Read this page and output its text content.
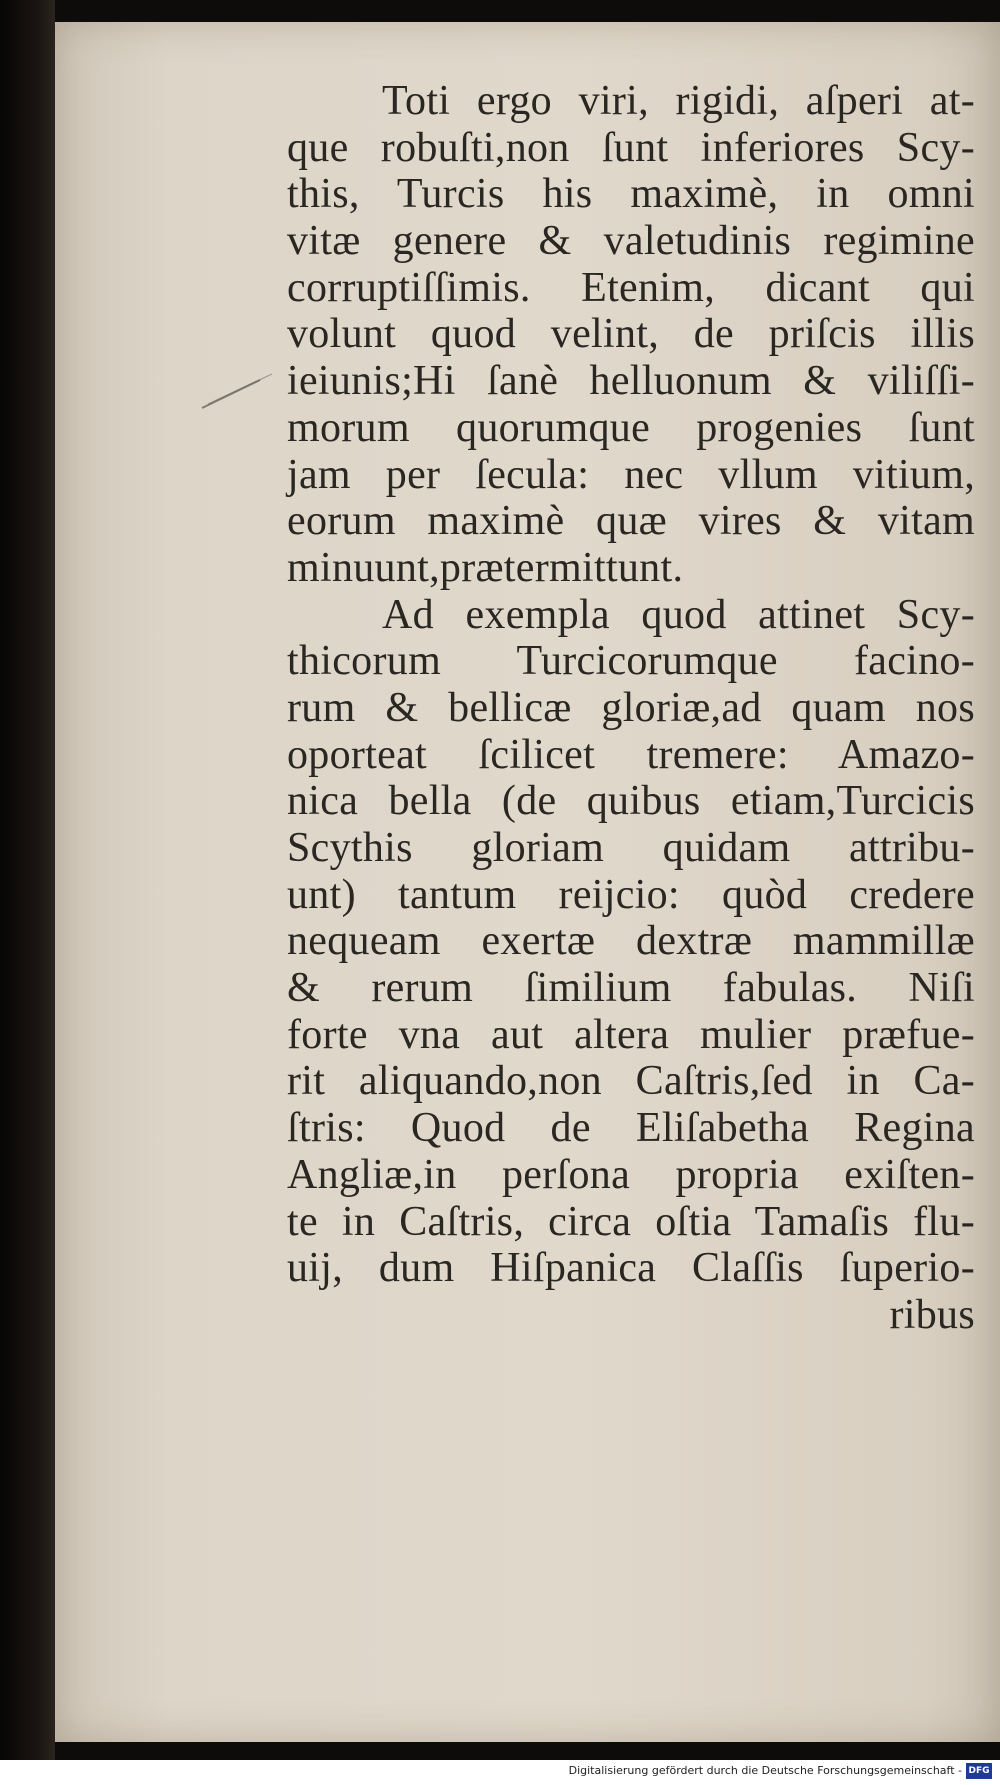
Toti ergo viri, rigidi, aſperi at-
que robuſti,non ſunt inferiores Scy-
this, Turcis his maximè, in omni
vitæ genere & valetudinis regimine
corruptiſſimis. Etenim, dicant qui
volunt quod velint, de priſcis illis
ieiunis;Hi ſanè helluonum & viliſſi-
morum quorumque progenies ſunt
jam per ſecula: nec vllum vitium,
eorum maximè quæ vires & vitam
minuunt,prætermittunt.
Ad exempla quod attinet Scy-
thicorum Turcicorumque facino-
rum & bellicæ gloriæ,ad quam nos
oporteat ſcilicet tremere: Amazo-
nica bella (de quibus etiam,Turcicis
Scythis gloriam quidam attribu-
unt) tantum reijcio: quòd credere
nequeam exertæ dextræ mammillæ
& rerum ſimilium fabulas. Niſi
forte vna aut altera mulier præfue-
rit aliquando,non Caſtris,ſed in Ca-
ſtris: Quod de Eliſabetha Regina
Angliæ,in perſona propria exiſten-
te in Caſtris, circa oſtia Tamaſis flu-
uij, dum Hiſpanica Claſſis ſuperio-
ribus
Digitalisierung gefördert durch die Deutsche Forschungsgemeinschaft - DFG
